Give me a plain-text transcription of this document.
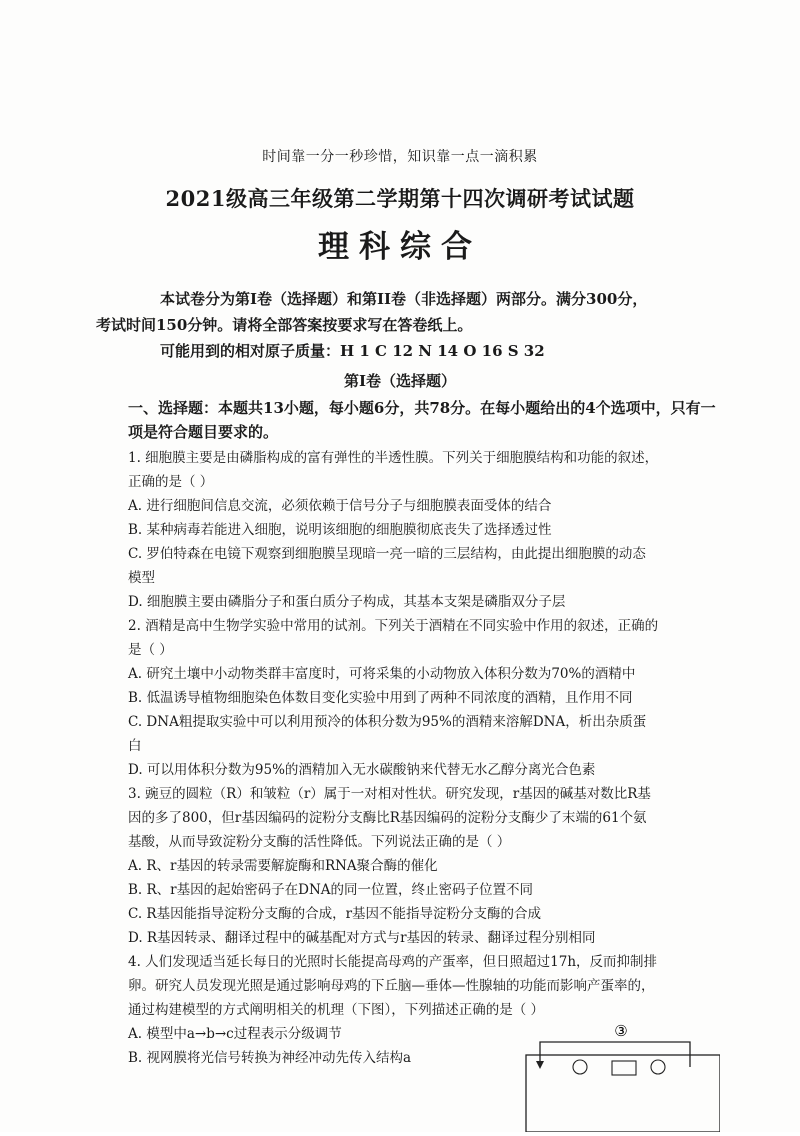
时间靠一分一秒珍惜，知识靠一点一滴积累
2021级高三年级第二学期第十四次调研考试试题
理科综合
本试卷分为第I卷（选择题）和第II卷（非选择题）两部分。满分300分，
考试时间150分钟。请将全部答案按要求写在答卷纸上。
可能用到的相对原子质量：H 1 C 12 N 14 O 16 S 32
第I卷（选择题）
一、选择题：本题共13小题，每小题6分，共78分。在每小题给出的4个选项中，只有一
项是符合题目要求的。
1. 细胞膜主要是由磷脂构成的富有弹性的半透性膜。下列关于细胞膜结构和功能的叙述，
正确的是（ ）
A. 进行细胞间信息交流，必须依赖于信号分子与细胞膜表面受体的结合
B. 某种病毒若能进入细胞，说明该细胞的细胞膜彻底丧失了选择透过性
C. 罗伯特森在电镜下观察到细胞膜呈现暗一亮一暗的三层结构，由此提出细胞膜的动态
模型
D. 细胞膜主要由磷脂分子和蛋白质分子构成，其基本支架是磷脂双分子层
2. 酒精是高中生物学实验中常用的试剂。下列关于酒精在不同实验中作用的叙述，正确的
是（ ）
A. 研究土壤中小动物类群丰富度时，可将采集的小动物放入体积分数为70%的酒精中
B. 低温诱导植物细胞染色体数目变化实验中用到了两种不同浓度的酒精，且作用不同
C. DNA粗提取实验中可以利用预冷的体积分数为95%的酒精来溶解DNA，析出杂质蛋
白
D. 可以用体积分数为95%的酒精加入无水碳酸钠来代替无水乙醇分离光合色素
3. 豌豆的圆粒（R）和皱粒（r）属于一对相对性状。研究发现，r基因的碱基对数比R基
因的多了800，但r基因编码的淀粉分支酶比R基因编码的淀粉分支酶少了末端的61个氨
基酸，从而导致淀粉分支酶的活性降低。下列说法正确的是（ ）
A. R、r基因的转录需要解旋酶和RNA聚合酶的催化
B. R、r基因的起始密码子在DNA的同一位置，终止密码子位置不同
C. R基因能指导淀粉分支酶的合成，r基因不能指导淀粉分支酶的合成
D. R基因转录、翻译过程中的碱基配对方式与r基因的转录、翻译过程分别相同
4. 人们发现适当延长每日的光照时长能提高母鸡的产蛋率，但日照超过17h，反而抑制排
卵。研究人员发现光照是通过影响母鸡的下丘脑—垂体—性腺轴的功能而影响产蛋率的，
通过构建模型的方式阐明相关的机理（下图），下列描述正确的是（ ）
A. 模型中a→b→c过程表示分级调节
B. 视网膜将光信号转换为神经冲动先传入结构a
③
